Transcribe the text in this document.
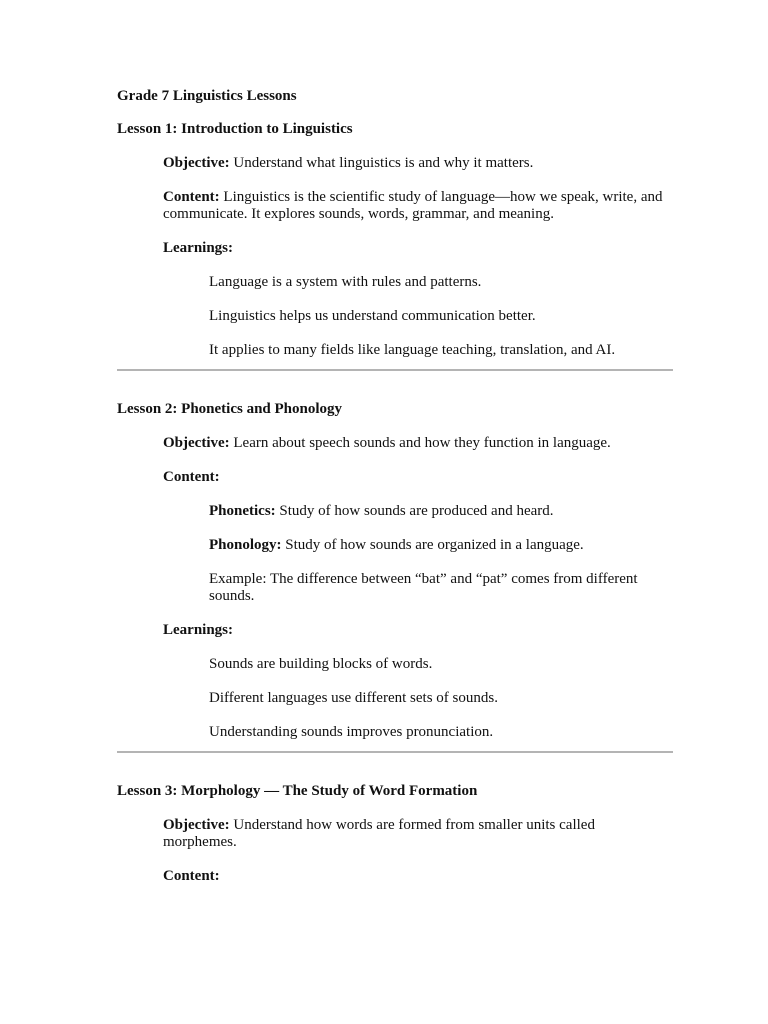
Grade 7 Linguistics Lessons

Lesson 1: Introduction to Linguistics

Objective: Understand what linguistics is and why it matters.

Content: Linguistics is the scientific study of language—how we speak, write, and communicate. It explores sounds, words, grammar, and meaning.

Learnings:

Language is a system with rules and patterns.

Linguistics helps us understand communication better.

It applies to many fields like language teaching, translation, and AI.

Lesson 2: Phonetics and Phonology

Objective: Learn about speech sounds and how they function in language.

Content:

Phonetics: Study of how sounds are produced and heard.

Phonology: Study of how sounds are organized in a language.

Example: The difference between “bat” and “pat” comes from different sounds.

Learnings:

Sounds are building blocks of words.

Different languages use different sets of sounds.

Understanding sounds improves pronunciation.

Lesson 3: Morphology — The Study of Word Formation

Objective: Understand how words are formed from smaller units called morphemes.

Content:
